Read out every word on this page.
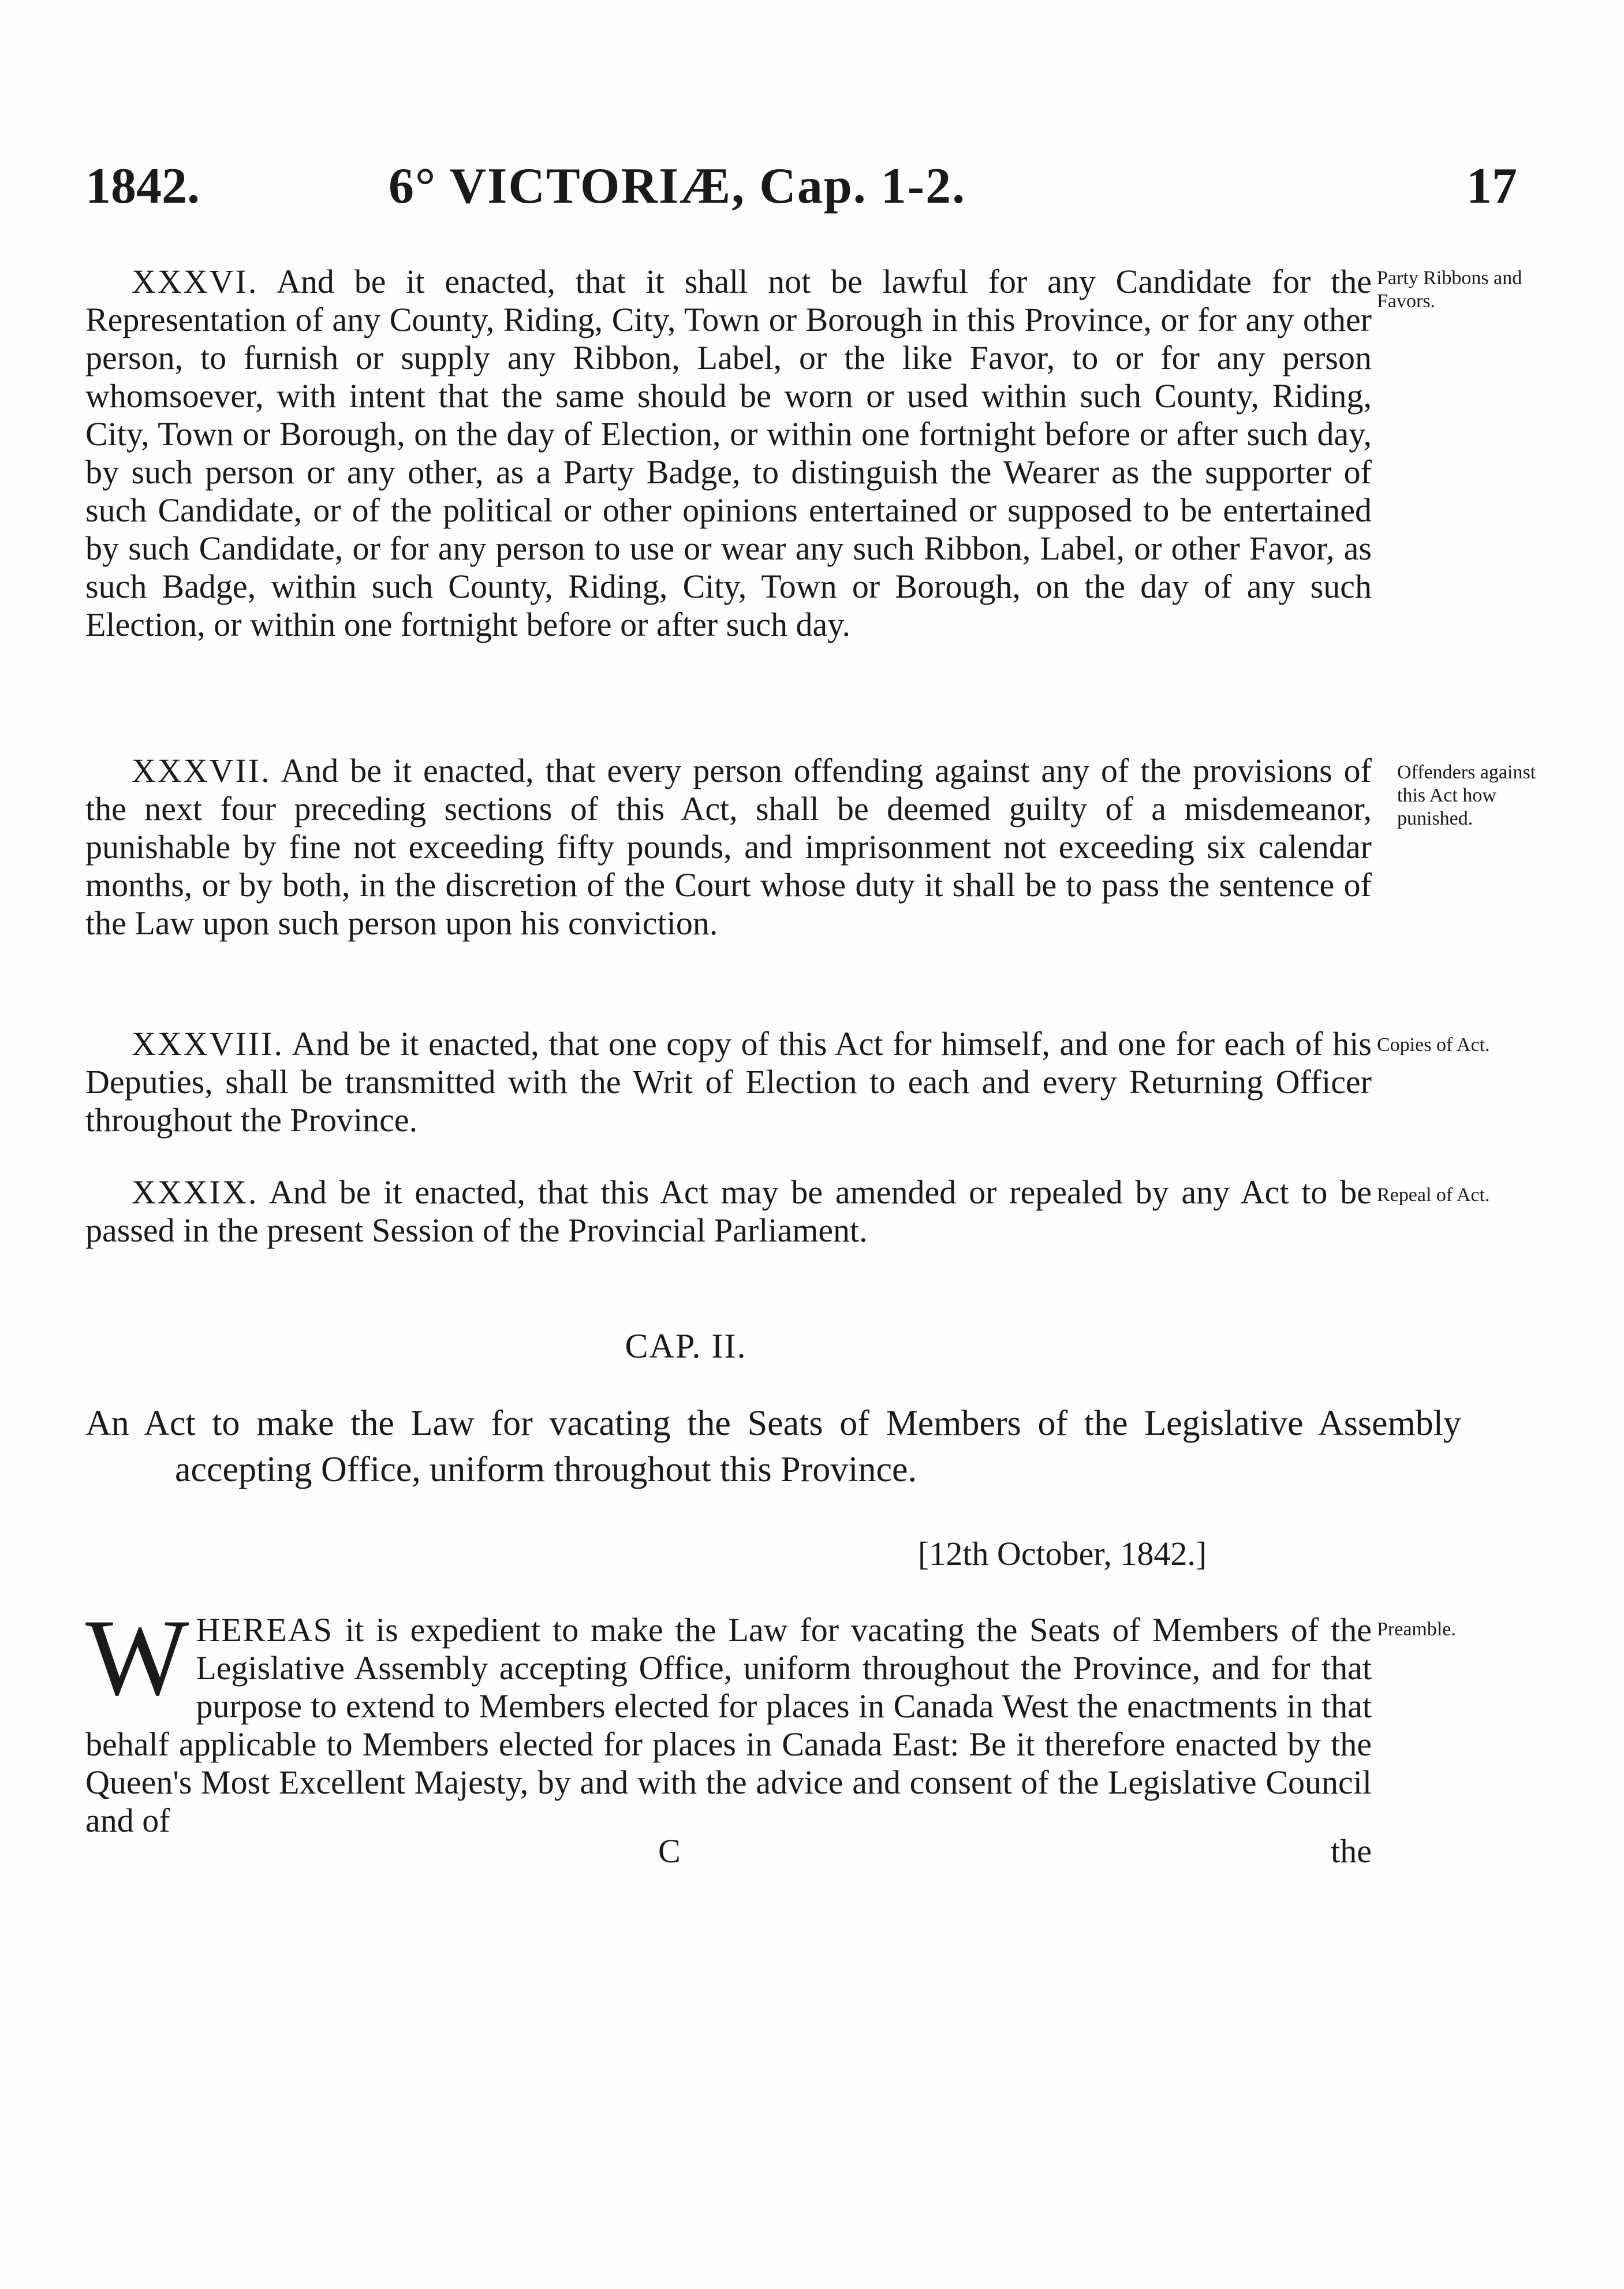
1842.	6° VICTORIÆ, Cap. 1-2.	17

XXXVI. And be it enacted, that it shall not be lawful for any Candidate for the Representation of any County, Riding, City, Town or Borough in this Province, or for any other person, to furnish or supply any Ribbon, Label, or the like Favor, to or for any person whomsoever, with intent that the same should be worn or used within such County, Riding, City, Town or Borough, on the day of Election, or within one fortnight before or after such day, by such person or any other, as a Party Badge, to distinguish the Wearer as the supporter of such Candidate, or of the political or other opinions entertained or supposed to be entertained by such Candidate, or for any person to use or wear any such Ribbon, Label, or other Favor, as such Badge, within such County, Riding, City, Town or Borough, on the day of any such Election, or within one fortnight before or after such day.

Party Ribbons and Favors.

XXXVII. And be it enacted, that every person offending against any of the provisions of the next four preceding sections of this Act, shall be deemed guilty of a misdemeanor, punishable by fine not exceeding fifty pounds, and imprisonment not exceeding six calendar months, or by both, in the discretion of the Court whose duty it shall be to pass the sentence of the Law upon such person upon his conviction.

Offenders against this Act how punished.

XXXVIII. And be it enacted, that one copy of this Act for himself, and one for each of his Deputies, shall be transmitted with the Writ of Election to each and every Returning Officer throughout the Province.

Copies of Act.

XXXIX. And be it enacted, that this Act may be amended or repealed by any Act to be passed in the present Session of the Provincial Parliament.

Repeal of Act.
CAP. II.

An Act to make the Law for vacating the Seats of Members of the Legislative Assembly accepting Office, uniform throughout this Province.

[12th October, 1842.]
W HEREAS it is expedient to make the Law for vacating the Seats of Members of the Legislative Assembly accepting Office, uniform throughout the Province, and for that purpose to extend to Members elected for places in Canada West the enactments in that behalf applicable to Members elected for places in Canada East: Be it therefore enacted by the Queen's Most Excellent Majesty, by and with the advice and consent of the Legislative Council and of

Preamble.
C	the
